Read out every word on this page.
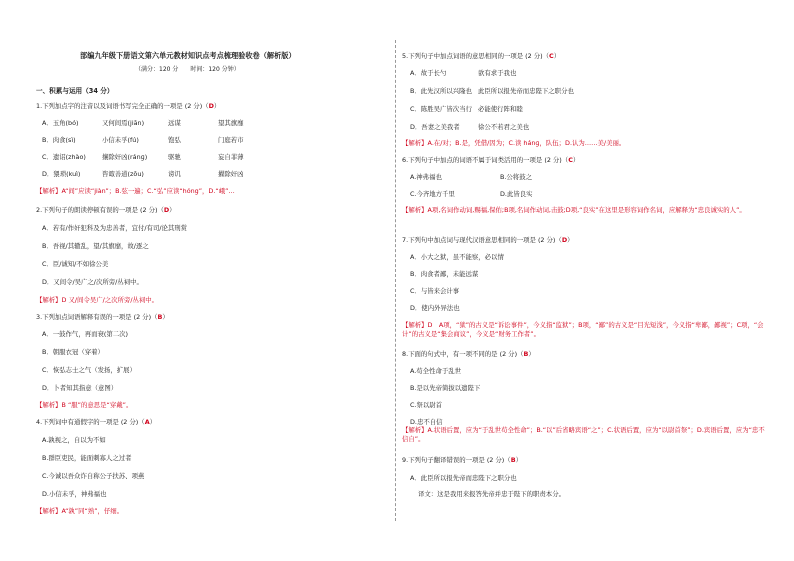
部编九年级下册语文第六单元教材知识点考点梳理验收卷（解析版）
（满分：120 分　　时间：120 分钟）
一、积累与运用（34 分）
1.下列加点字的注音以及词语书写完全正确的一项是 (2 分)（D）
A．玉角(bó)	又何间焉(jiān)	远谋	望其旗靡
B．肉食(sì)	小信未孚(fú)	饱弘	门庭若市
C．遗诏(zhào)	攘除奸凶(ránɡ)	驱驰	妄自菲薄
D．猥琐(kuì)	咨诹善道(zōu)	谤讥	擢除奸凶
【解析】A“间”应读“jiàn”；B.弦一遍；C.“弘”应读“hóng”，D.“峨”…
2.下列句子的朗读停顿有误的一项是 (2 分)（D）
A．若有/作奸犯科及为忠善者，宜付/有司/论其刑赏
B．吾视/其辙乱，望/其旗靡，故/逐之
C．臣/诚知/不如徐公美
D．又间令/吴广之/次所旁/丛祠中。
【解析】D 又/间令吴广/之次所旁/丛祠中。
3.下列加点词语解释有误的一项是 (2 分)（B）
A．一鼓作气，再而衰(第二次)
B．朝服衣冠（穿着）
C．恢弘志士之气（发扬，扩展）
D．卜者知其指意（意图）
【解析】B “服”的意思是“穿戴”。
4.下列词中有通假字的一项是 (2 分)（A）
A.孰视之，自以为不如
B.群臣吏民，能面刺寡人之过者
C.今诚以吾众诈自称公子扶苏、项燕
D.小信未孚，神弗福也
【解析】A“孰”同“熟”，仔细。
5.下列句子中加点词语的意思相同的一项是 (2 分)（C）
A．故于长勺	欲有求于我也
B．此先汉所以兴隆也 此臣所以报先帝而忠陛下之职分也
C．陈胜吴广皆次当行 必能使行阵和睦
D．吾妻之美我者	徐公不若君之美也
【解析】A.在/对；B.是，凭借/因为；C.读 hánɡ，队伍；D.认为……美/美丽。
6.下列句子中加点的词语不属于词类活用的一项是 (2 分)（C）
A.神弗福也	B.公将鼓之
C.今齐地方千里	D.此皆良实
【解析】A项,名词作动词,赐福,保佑;B项,名词作动词,击鼓;D项,“良实”在这里是形容词作名词，应解释为“忠良诚实的人”。
7.下列句中加点词与现代汉语意思相同的一项是 (2 分)（D）
A．小大之狱，虽不能察，必以情
B．肉食者鄙，未能远谋
C．与皆来会计事
D．使内外异法也
【解析】D　A项，“狱”的古义是“诉讼事件”，今义指“监狱”；B项，“鄙”的古义是“目光短浅”，今义指“卑鄙，鄙视”；C项，“会计”的古义是“集会商议”，今义是“财务工作者”。
8.下面的句式中，有一项不同的是 (2 分)（B）
A.苟全性命于乱世
B.是以先帝简拔以遗陛下
C.祭以尉首
D.忠不自信
【解析】A.状语后置，应为“于乱世苟全性命”；B.“以”后省略宾语“之”；C.状语后置，应为“以尉首祭”；D.宾语后置，应为“忠不信自”。
9.下列句子翻译错误的一项是 (2 分)（B）
A．此臣所以报先帝而忠陛下之职分也
译文：这是我用来报答先帝并忠于陛下的职责本分。
